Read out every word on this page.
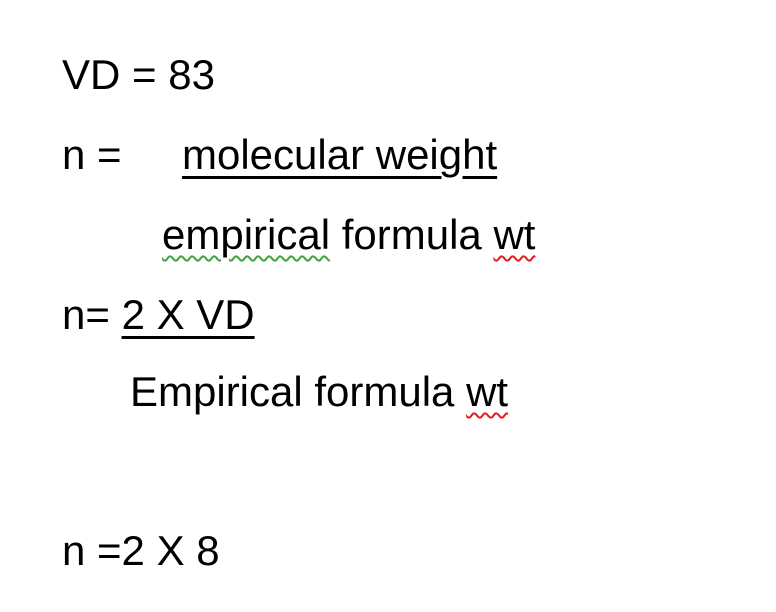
VD = 83
n = molecular weight
empirical formula wt
n= 2 X VD
Empirical formula wt
n =2 X 8
